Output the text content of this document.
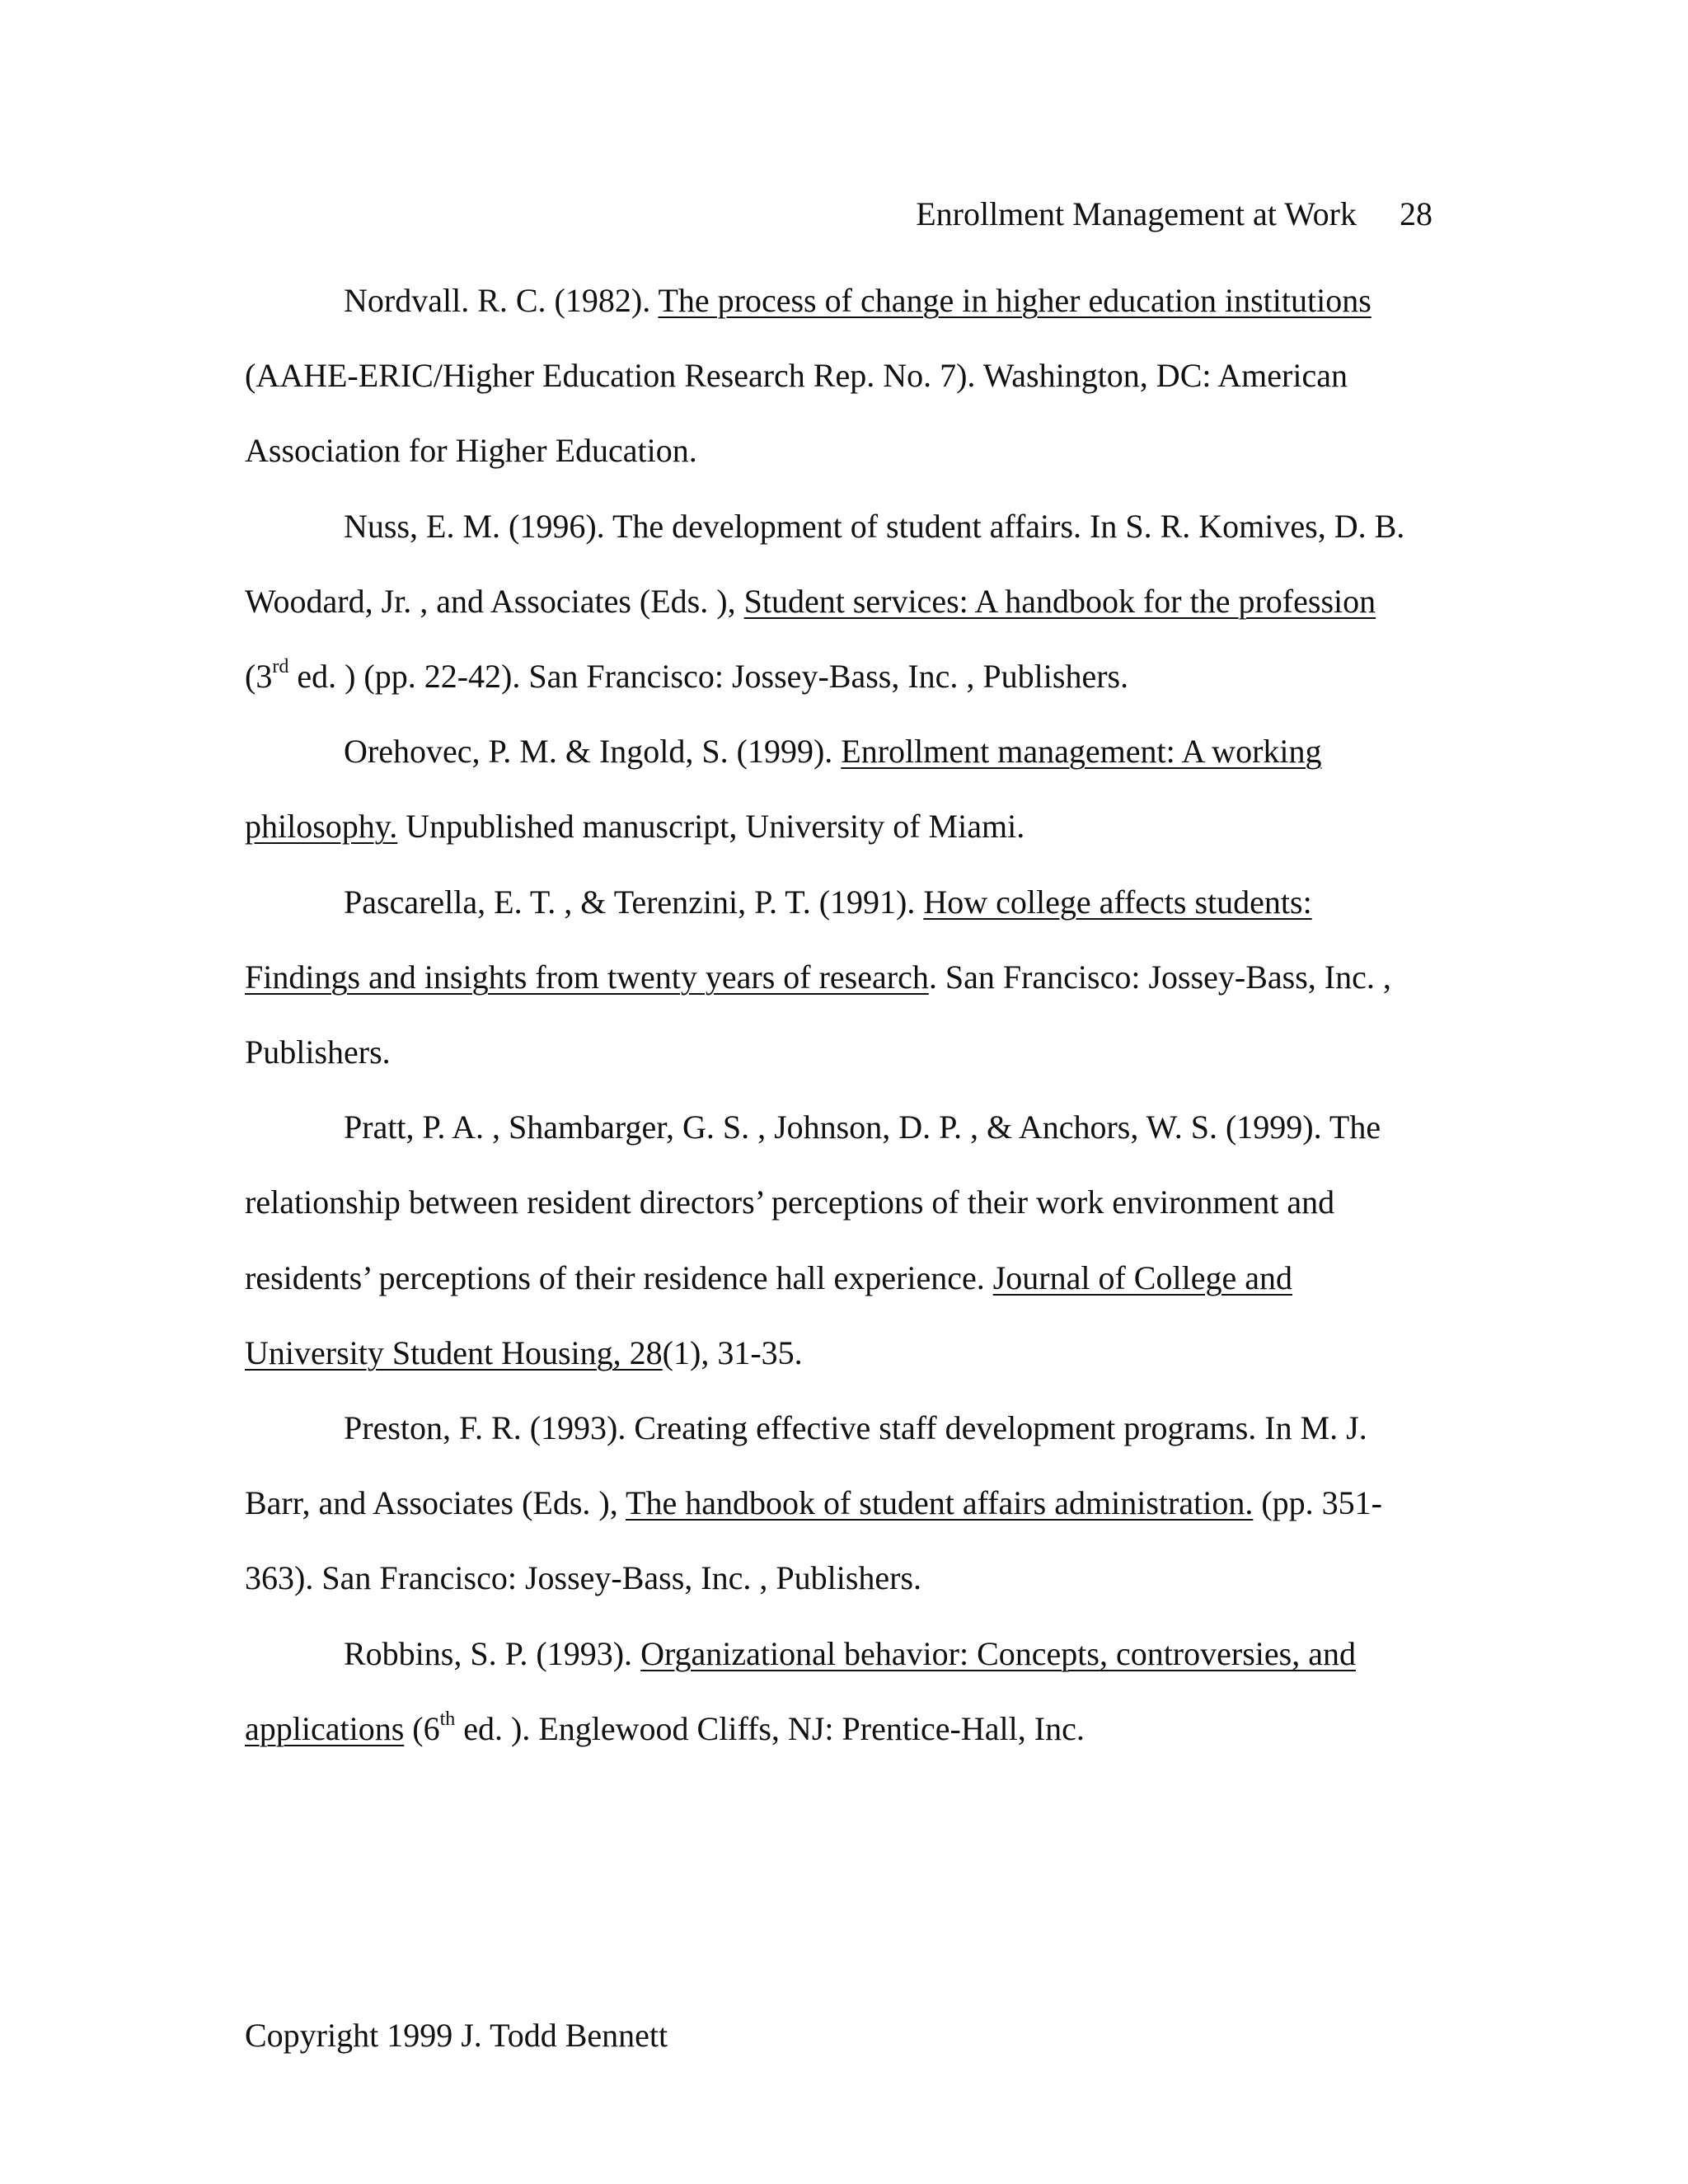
Enrollment Management at Work 28

Nordvall. R. C. (1982). The process of change in higher education institutions
(AAHE-ERIC/Higher Education Research Rep. No. 7). Washington, DC: American
Association for Higher Education.

Nuss, E. M. (1996). The development of student affairs. In S. R. Komives, D. B.
Woodard, Jr. , and Associates (Eds. ), Student services: A handbook for the profession
(3rd ed. ) (pp. 22-42). San Francisco: Jossey-Bass, Inc. , Publishers.

Orehovec, P. M. & Ingold, S. (1999). Enrollment management: A working
philosophy. Unpublished manuscript, University of Miami.

Pascarella, E. T. , & Terenzini, P. T. (1991). How college affects students:
Findings and insights from twenty years of research. San Francisco: Jossey-Bass, Inc. ,
Publishers.

Pratt, P. A. , Shambarger, G. S. , Johnson, D. P. , & Anchors, W. S. (1999). The
relationship between resident directors’ perceptions of their work environment and
residents’ perceptions of their residence hall experience. Journal of College and
University Student Housing, 28(1), 31-35.

Preston, F. R. (1993). Creating effective staff development programs. In M. J.
Barr, and Associates (Eds. ), The handbook of student affairs administration. (pp. 351-
363). San Francisco: Jossey-Bass, Inc. , Publishers.

Robbins, S. P. (1993). Organizational behavior: Concepts, controversies, and
applications (6th ed. ). Englewood Cliffs, NJ: Prentice-Hall, Inc.

Copyright 1999 J. Todd Bennett
